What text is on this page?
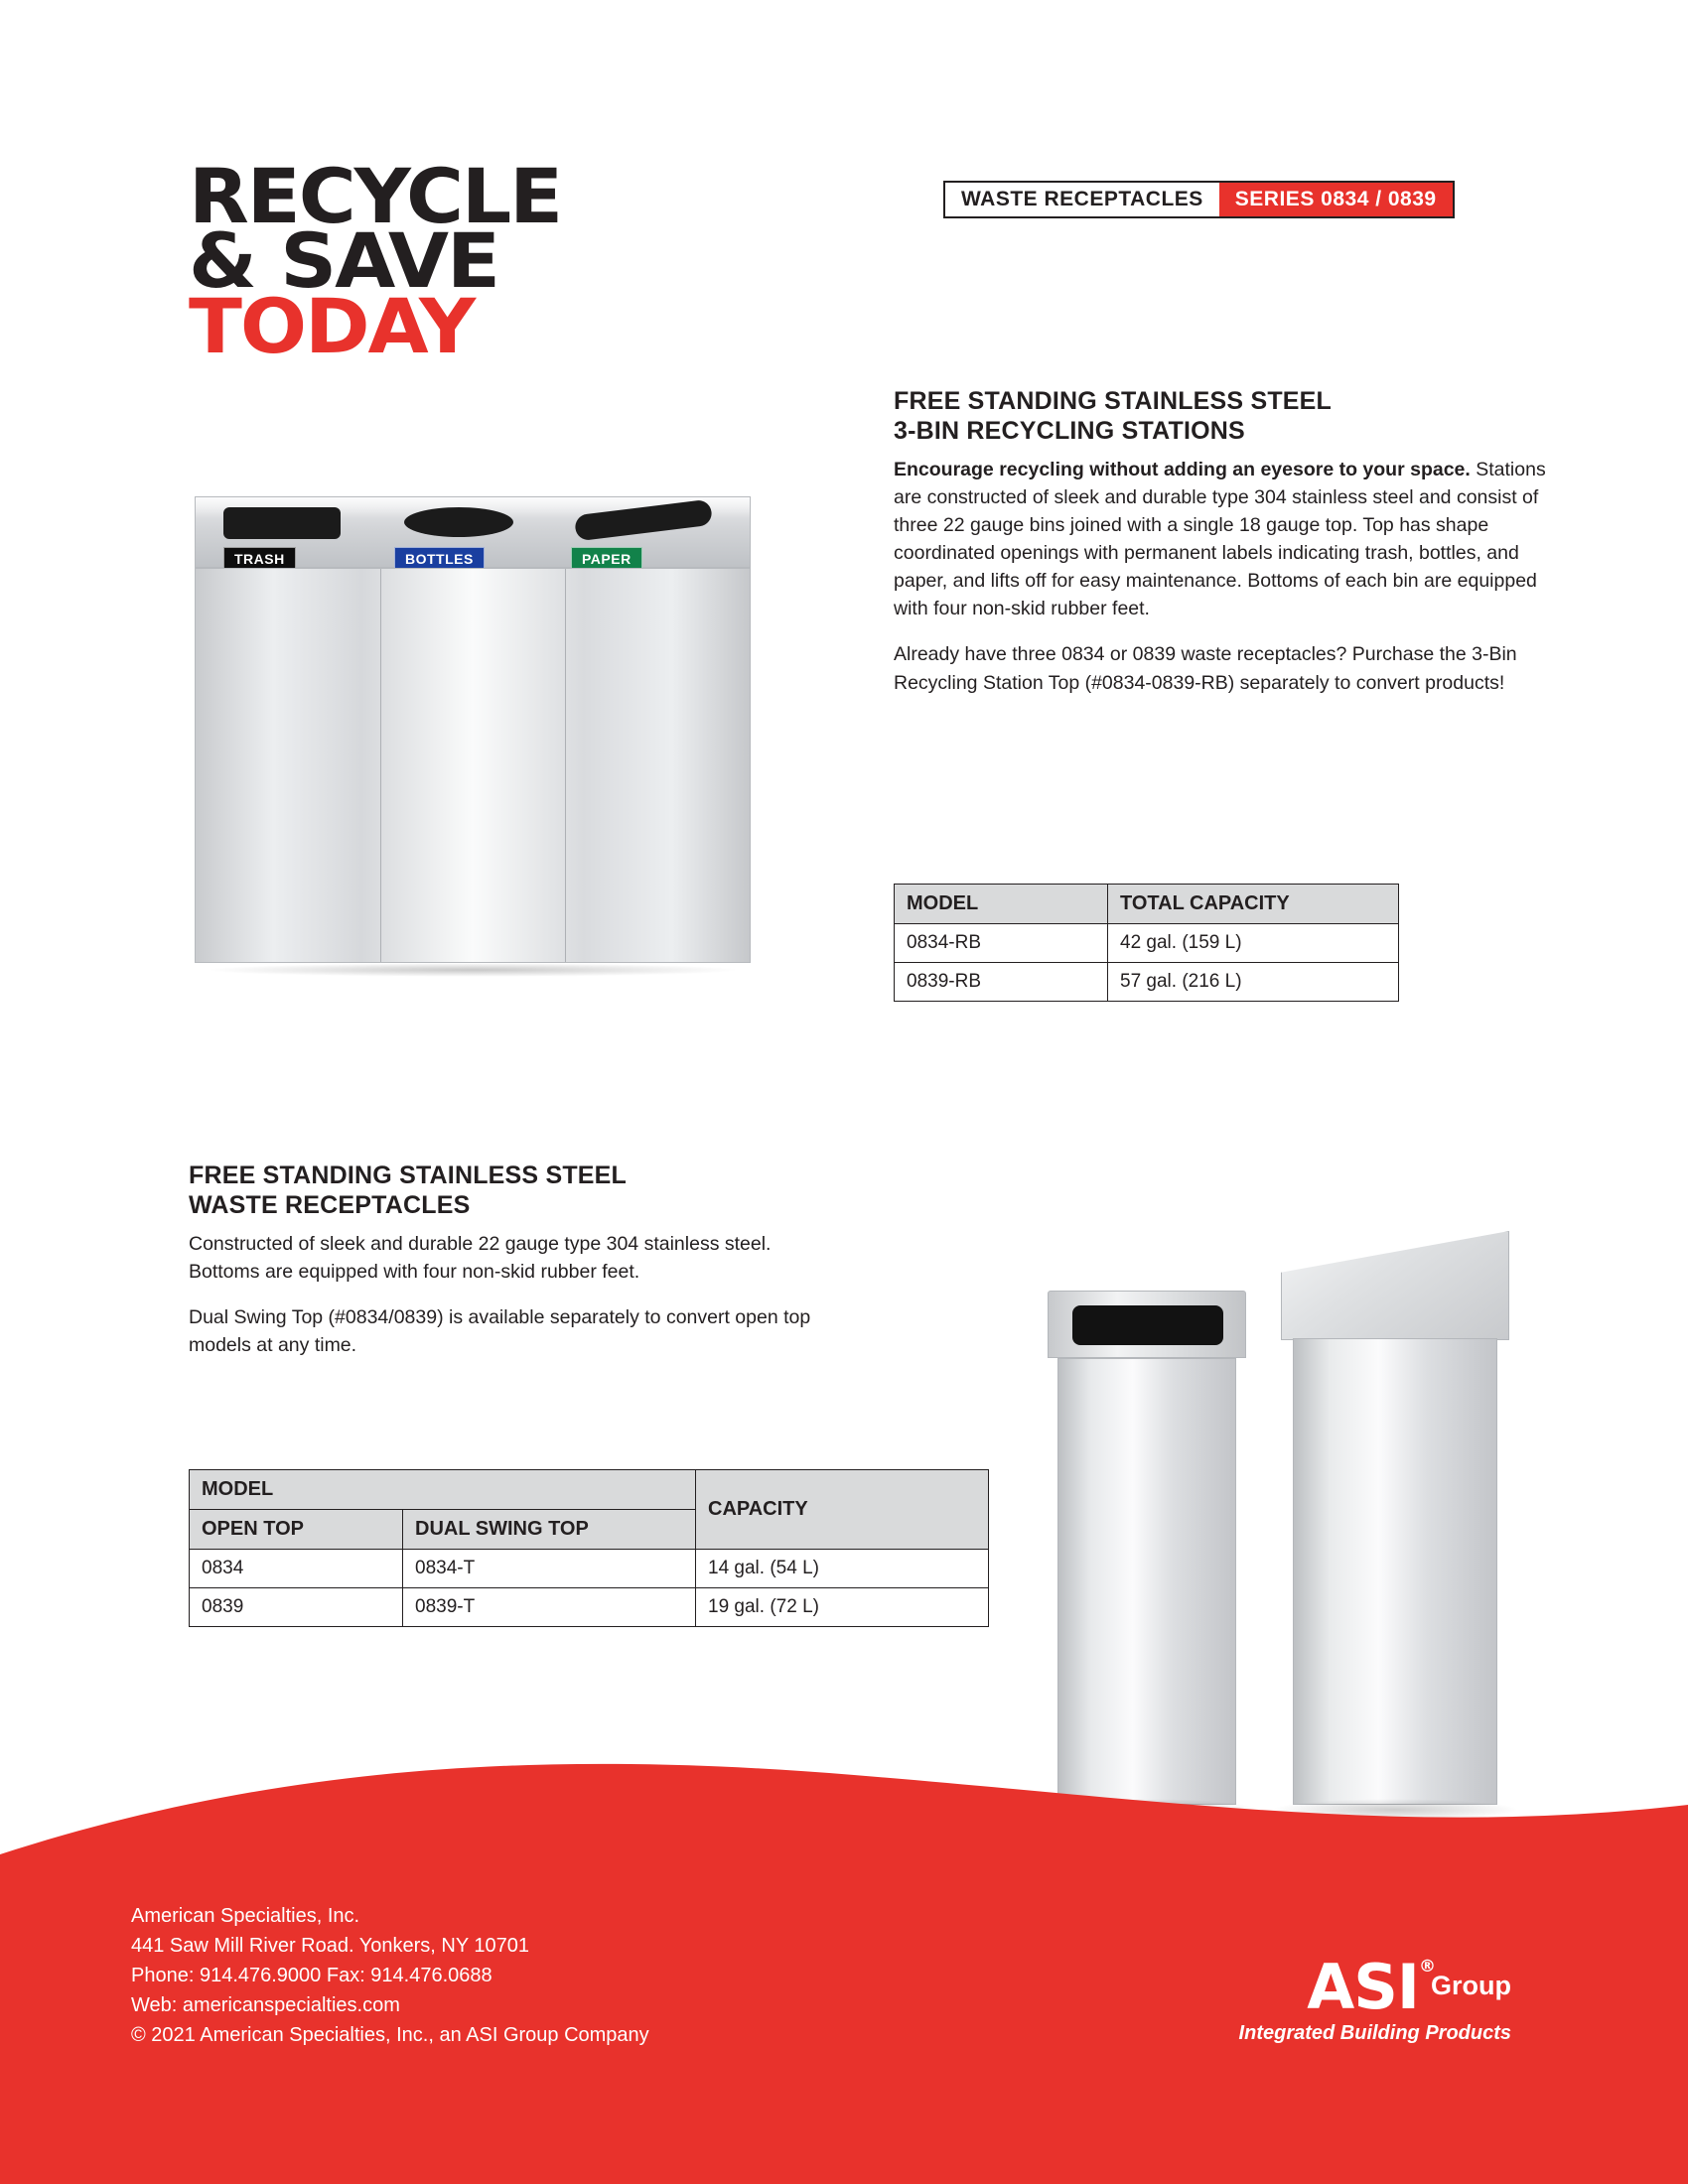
WASTE RECEPTACLES	SERIES 0834 / 0839
RECYCLE
& SAVE
TODAY
TRASH	BOTTLES	PAPER
FREE STANDING STAINLESS STEEL
3-BIN RECYCLING STATIONS

Encourage recycling without adding an eyesore to your space. Stations are constructed of sleek and durable type 304 stainless steel and consist of three 22 gauge bins joined with a single 18 gauge top. Top has shape coordinated openings with permanent labels indicating trash, bottles, and paper, and lifts off for easy maintenance. Bottoms of each bin are equipped with four non-skid rubber feet.

Already have three 0834 or 0839 waste receptacles? Purchase the 3-Bin Recycling Station Top (#0834-0839-RB) separately to convert products!

MODEL	TOTAL CAPACITY
0834-RB	42 gal. (159 L)
0839-RB	57 gal. (216 L)
FREE STANDING STAINLESS STEEL
WASTE RECEPTACLES

Constructed of sleek and durable 22 gauge type 304 stainless steel. Bottoms are equipped with four non-skid rubber feet.

Dual Swing Top (#0834/0839) is available separately to convert open top models at any time.

MODEL		CAPACITY
OPEN TOP	DUAL SWING TOP	
0834	0834-T	14 gal. (54 L)
0839	0839-T	19 gal. (72 L)
American Specialties, Inc.
441 Saw Mill River Road. Yonkers, NY 10701
Phone: 914.476.9000 Fax: 914.476.0688
Web: americanspecialties.com
© 2021 American Specialties, Inc., an ASI Group Company
ASI ®
Group
Integrated Building Products
